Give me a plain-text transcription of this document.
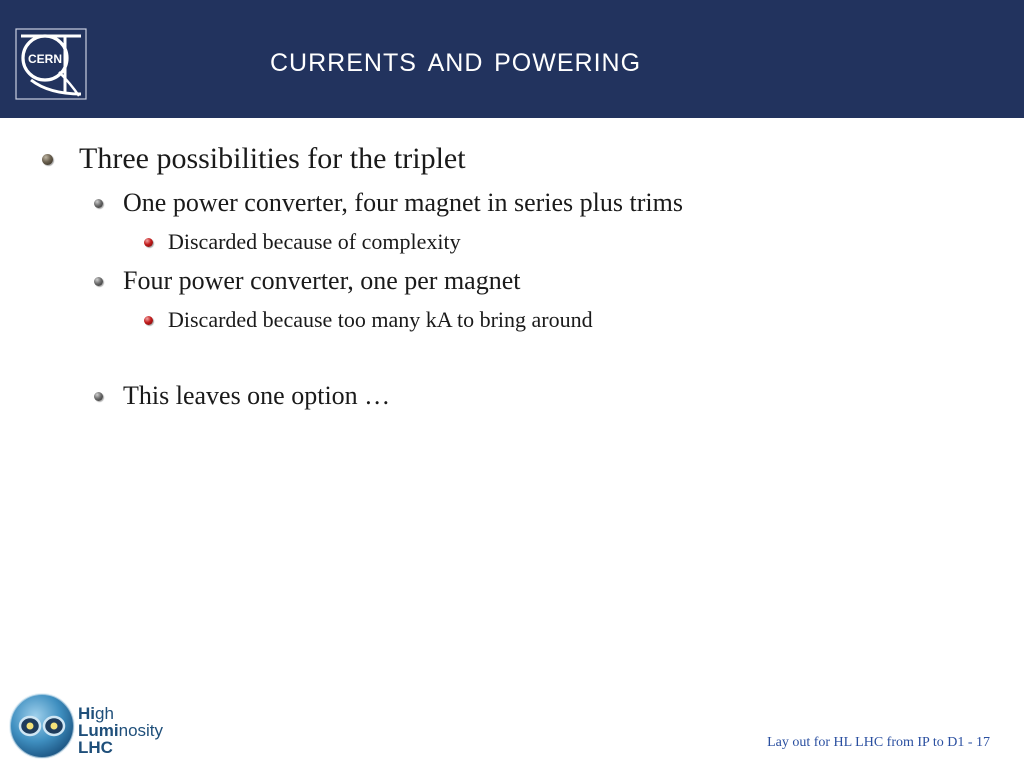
CERN	currents and powering
Three possibilities for the triplet
One power converter, four magnet in series plus trims
Discarded because of complexity
Four power converter, one per magnet
Discarded because too many kA to bring around
This leaves one option …
High
Luminosity
LHC	Lay out for HL LHC from IP to D1 - 17
